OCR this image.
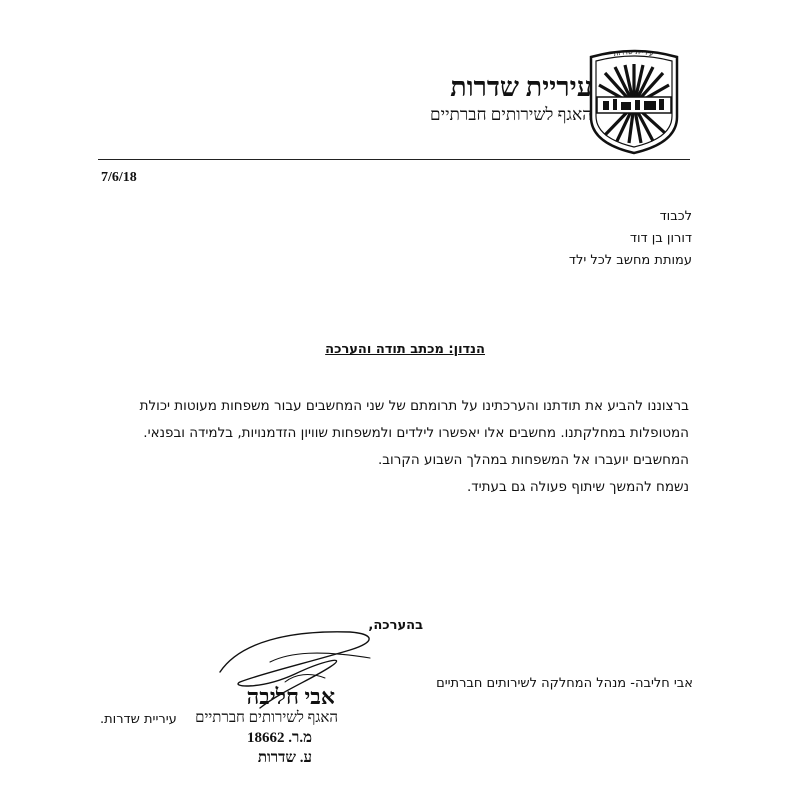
עיריית שדרות
עיריית שדרות
האגף לשירותים חברתיים
7/6/18
לכבוד
דורון בן דוד
עמותת מחשב לכל ילד
הנדון: מכתב תודה והערכה

ברצוננו להביע את תודתנו והערכתינו על תרומתם של שני המחשבים עבור משפחות מעוטות יכולת

המטופלות במחלקתנו. מחשבים אלו יאפשרו לילדים ולמשפחות שוויון הזדמנויות, בלמידה ובפנאי.

המחשבים יועברו אל המשפחות במהלך השבוע הקרוב.

נשמח להמשך שיתוף פעולה גם בעתיד.

בהערכה,
אבי חליבה
האגף לשירותים חברתיים
מ.ר. 18662
ע. שדרות
אבי חליבה- מנהל המחלקה לשירותים חברתיים
עיריית שדרות.
